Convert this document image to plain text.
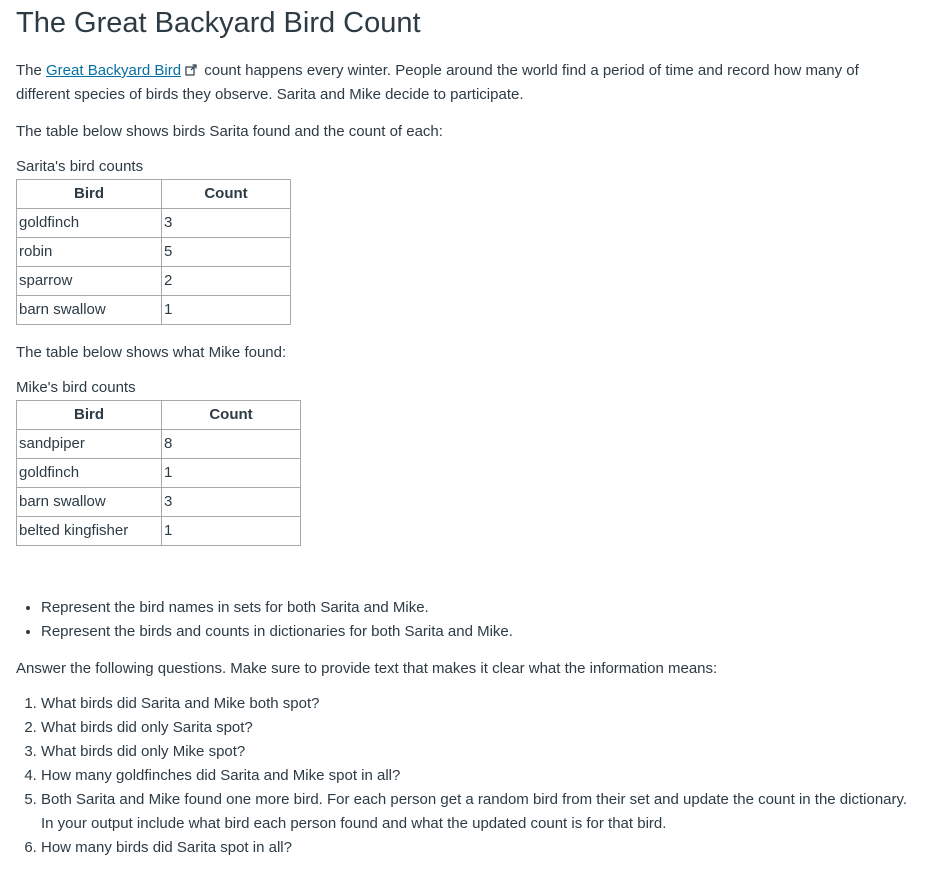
The Great Backyard Bird Count

The Great Backyard Bird count happens every winter. People around the world find a period of time and record how many of different species of birds they observe. Sarita and Mike decide to participate.

The table below shows birds Sarita found and the count of each:

Sarita's bird counts
Bird	Count
goldfinch	3
robin	5
sparrow	2
barn swallow	1

The table below shows what Mike found:

Mike's bird counts
Bird	Count
sandpiper	8
goldfinch	1
barn swallow	3
belted kingfisher	1
• Represent the bird names in sets for both Sarita and Mike.
• Represent the birds and counts in dictionaries for both Sarita and Mike.

Answer the following questions. Make sure to provide text that makes it clear what the information means:

1. What birds did Sarita and Mike both spot?
2. What birds did only Sarita spot?
3. What birds did only Mike spot?
4. How many goldfinches did Sarita and Mike spot in all?
5. Both Sarita and Mike found one more bird. For each person get a random bird from their set and update the count in the dictionary. In your output include what bird each person found and what the updated count is for that bird.
6. How many birds did Sarita spot in all?
